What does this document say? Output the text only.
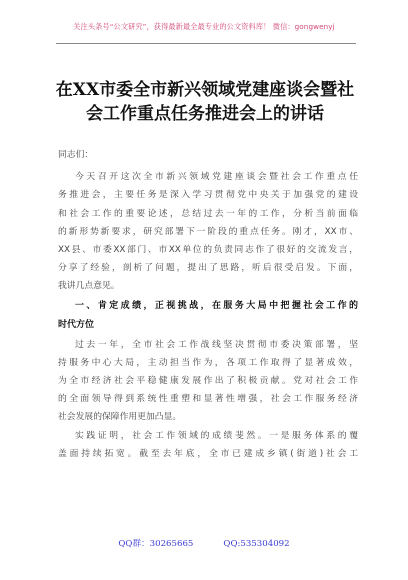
关注头条号“公文研究”，获得最新最全最专业的公文资料库！ 微信：gongwenyj
在XX市委全市新兴领域党建座谈会暨社
会工作重点任务推进会上的讲话
同志们：
今天召开这次全市新兴领域党建座谈会暨社会工作重点任
务推进会，主要任务是深入学习贯彻党中央关于加强党的建设
和社会工作的重要论述，总结过去一年的工作，分析当前面临
的新形势新要求，研究部署下一阶段的重点任务。刚才，XX市、
XX县、市委XX部门、市XX单位的负责同志作了很好的交流发言，
分享了经验，剖析了问题，提出了思路，听后很受启发。下面，
我讲几点意见。
一、肯定成绩，正视挑战，在服务大局中把握社会工作的
时代方位
过去一年，全市社会工作战线坚决贯彻市委决策部署，坚
持服务中心大局，主动担当作为，各项工作取得了显著成效，
为全市经济社会平稳健康发展作出了积极贡献。党对社会工作
的全面领导得到系统性重塑和显著性增强，社会工作服务经济
社会发展的保障作用更加凸显。
实践证明，社会工作领域的成绩斐然。一是服务体系的覆
盖面持续拓宽。截至去年底，全市已建成乡镇(街道)社会工
QQ群：30265665	QQ:535304092
